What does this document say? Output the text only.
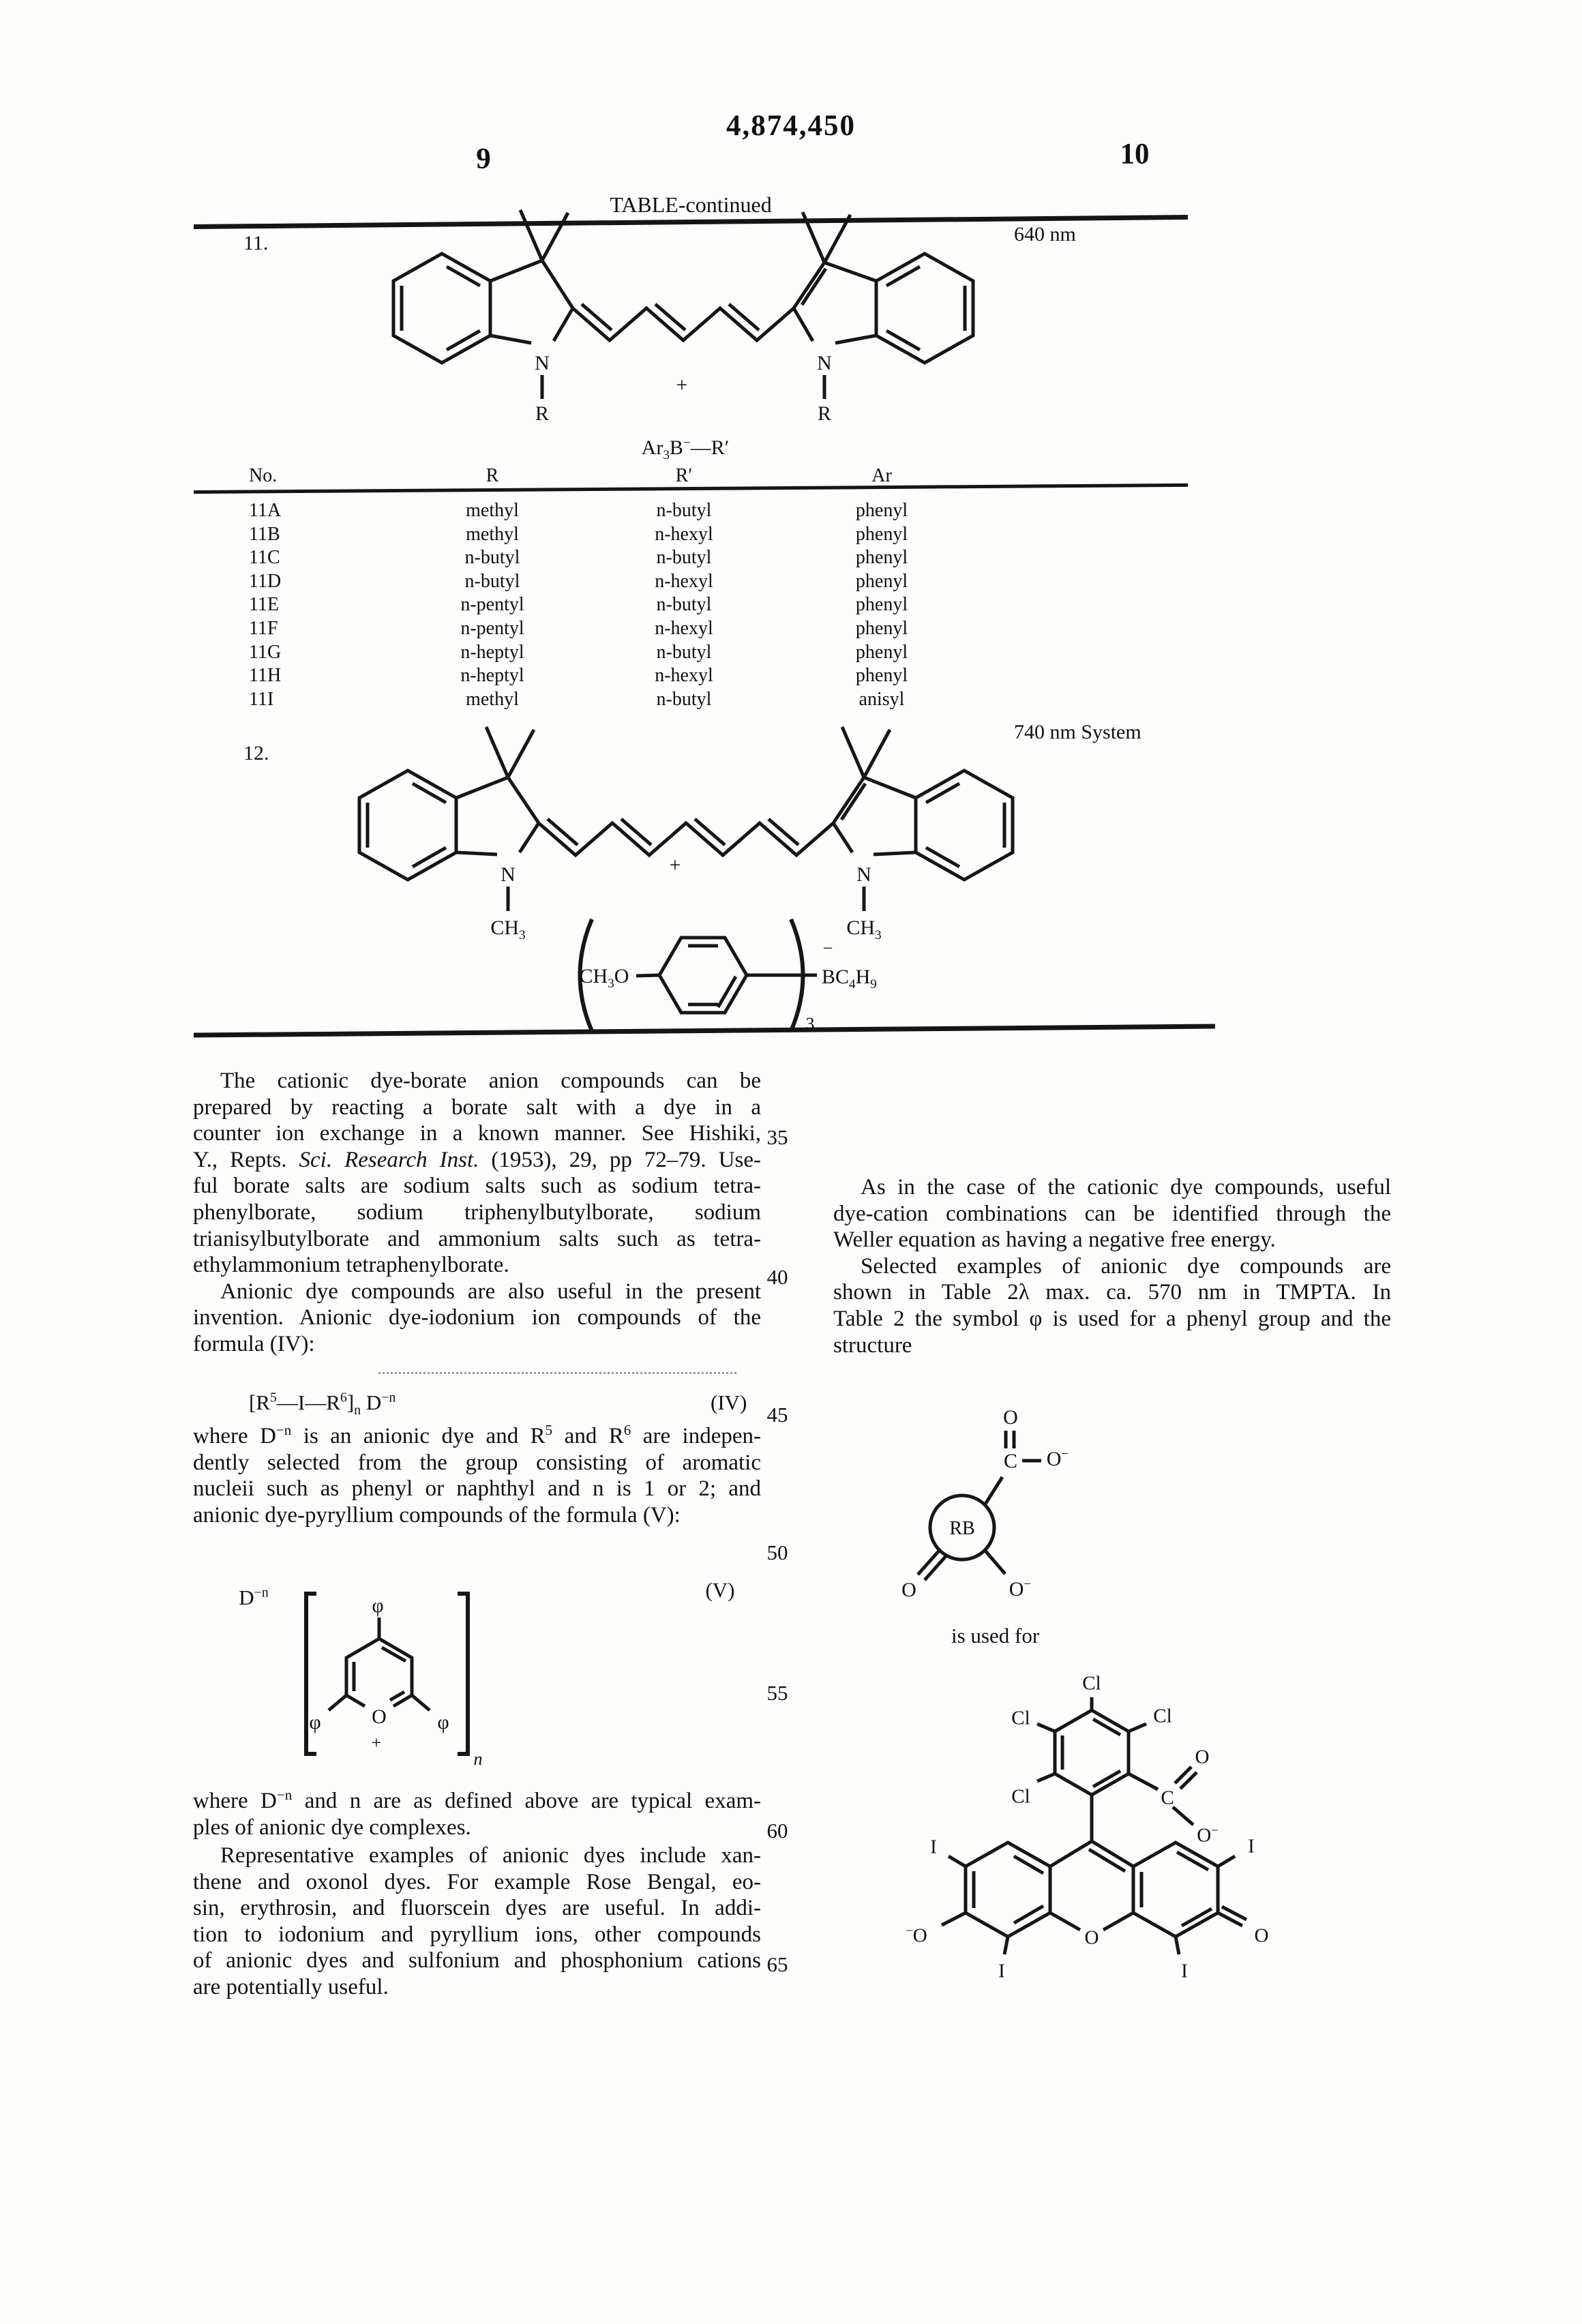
4,874,450
9	10
TABLE-continued
11.	640 nm
N	N
R	R
+
$Ar_3B^-—R'$
No.	R	R′	Ar
11A	methyl	n-butyl	phenyl
11B	methyl	n-hexyl	phenyl
11C	n-butyl	n-butyl	phenyl
11D	n-butyl	n-hexyl	phenyl
11E	n-pentyl	n-butyl	phenyl
11F	n-pentyl	n-hexyl	phenyl
11G	n-heptyl	n-butyl	phenyl
11H	n-heptyl	n-hexyl	phenyl
11I	methyl	n-butyl	anisyl
12.
740 nm System
N	N
$CH_3$	$CH_3$
+
$CH_3O$
−
$BC_4H_9$
3
The cationic dye-borate anion compounds can be
prepared by reacting a borate salt with a dye in a
counter ion exchange in a known manner. See Hishiki,
Y., Repts. Sci. Research Inst. (1953), 29, pp 72–79. Use-
ful borate salts are sodium salts such as sodium tetra-
phenylborate, sodium triphenylbutylborate, sodium
trianisylbutylborate and ammonium salts such as tetra-
ethylammonium tetraphenylborate.
Anionic dye compounds are also useful in the present
invention. Anionic dye-iodonium ion compounds of the
formula (IV):
$[R^5—I—R^6]_n$ $D^{-n}$	(IV)
where $D^{-n}$ is an anionic dye and $R^5$ and $R^6$ are indepen-
dently selected from the group consisting of aromatic
nucleii such as phenyl or naphthyl and n is 1 or 2; and
anionic dye-pyryllium compounds of the formula (V):
$D^{-n}$
φ
φ	φ
O
+
n
(V)
where $D^{-n}$ and n are as defined above are typical exam-
ples of anionic dye complexes.
Representative examples of anionic dyes include xan-
thene and oxonol dyes. For example Rose Bengal, eo-
sin, erythrosin, and fluorscein dyes are useful. In addi-
tion to iodonium and pyryllium ions, other compounds
of anionic dyes and sulfonium and phosphonium cations
are potentially useful.
As in the case of the cationic dye compounds, useful
dye-cation combinations can be identified through the
Weller equation as having a negative free energy.
Selected examples of anionic dye compounds are
shown in Table 2λ max. ca. 570 nm in TMPTA. In
Table 2 the symbol φ is used for a phenyl group and the
structure
O
C O−
RB
O	O−
is used for
Cl
Cl	Cl
Cl
O
C
O−
I	I
−O	O	O
I	I
35
40
45
50
55
60
65
